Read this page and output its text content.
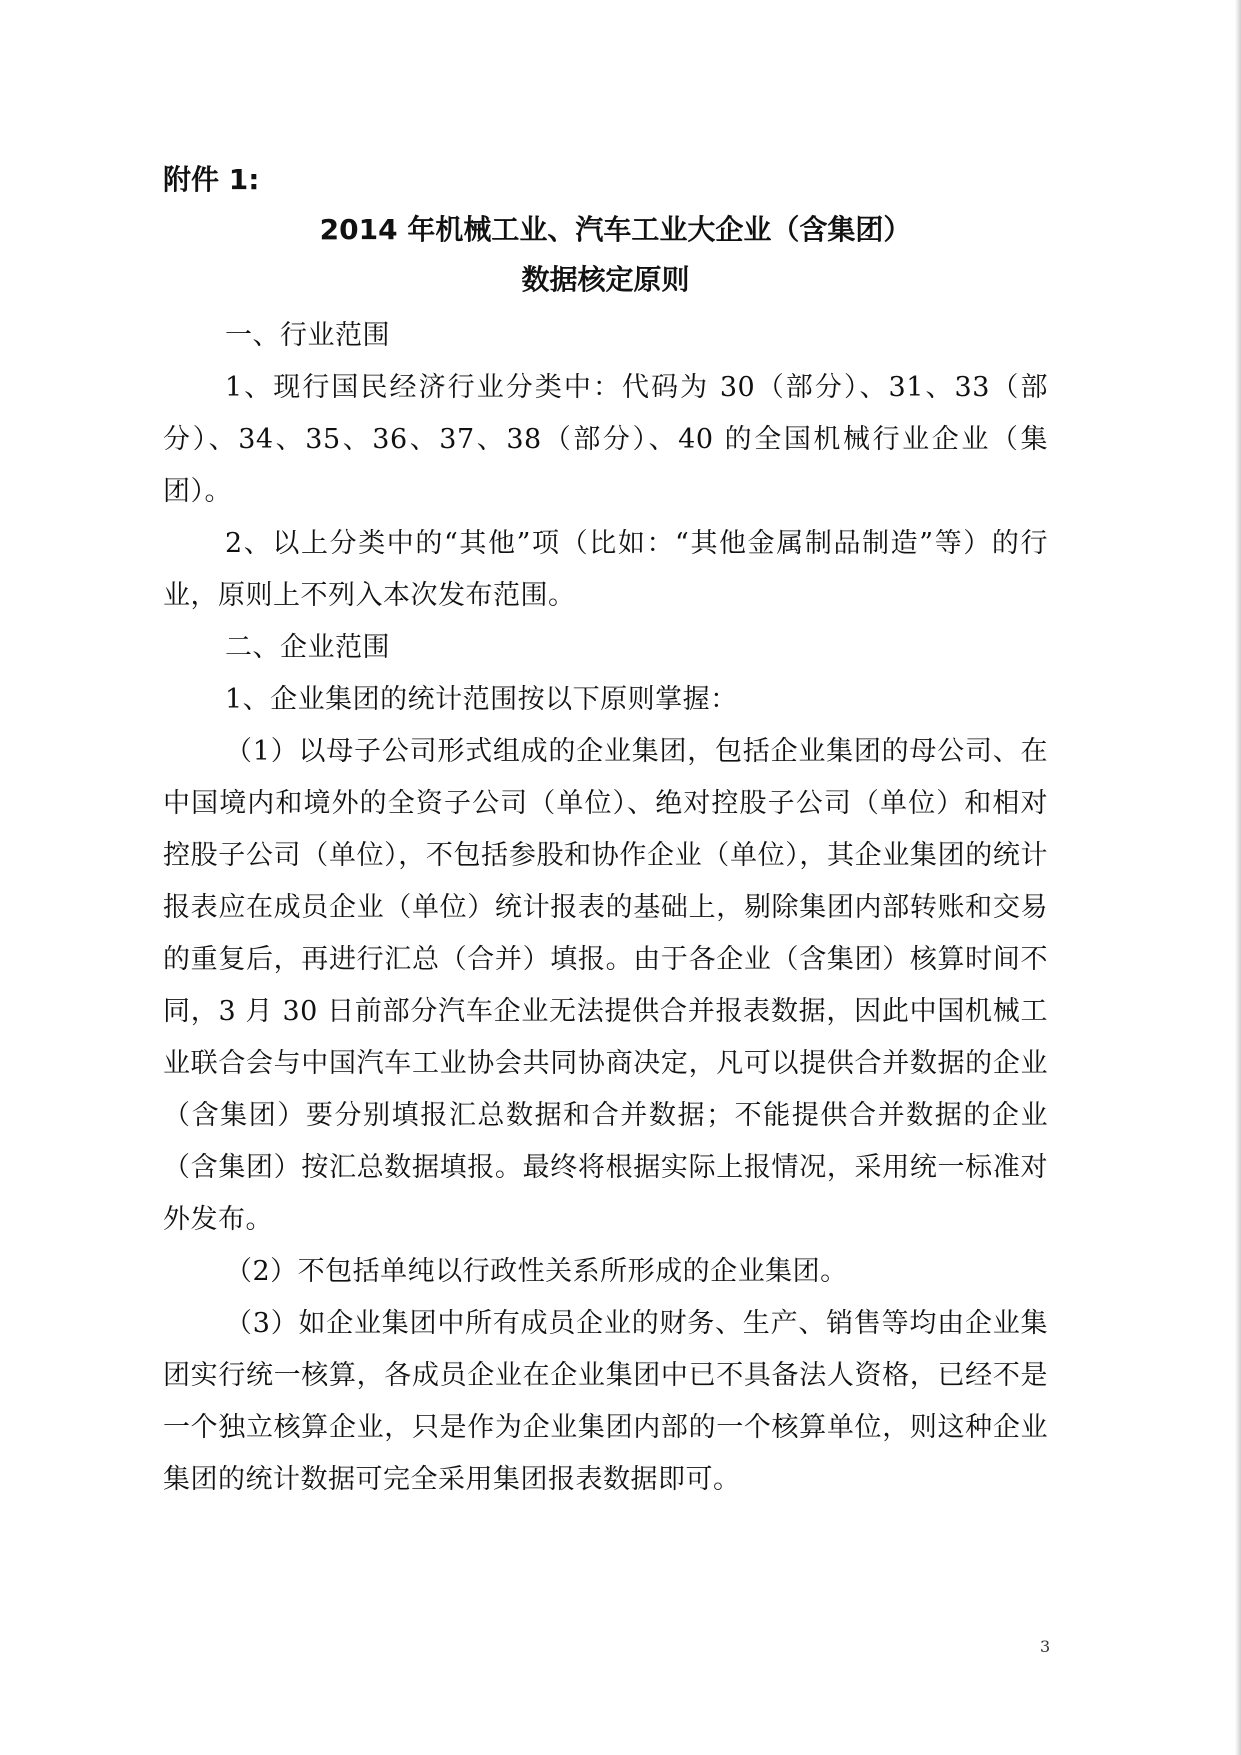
附件 1:
2014 年机械工业、汽车工业大企业（含集团）
数据核定原则

一、行业范围

1、现行国民经济行业分类中：代码为 30（部分）、31、33（部分）、34、35、36、37、38（部分）、40 的全国机械行业企业（集团）。

2、以上分类中的“其他”项（比如：“其他金属制品制造”等）的行业，原则上不列入本次发布范围。

二、企业范围

1、企业集团的统计范围按以下原则掌握：

（1）以母子公司形式组成的企业集团，包括企业集团的母公司、在中国境内和境外的全资子公司（单位）、绝对控股子公司（单位）和相对控股子公司（单位），不包括参股和协作企业（单位），其企业集团的统计报表应在成员企业（单位）统计报表的基础上，剔除集团内部转账和交易的重复后，再进行汇总（合并）填报。由于各企业（含集团）核算时间不同，3 月 30 日前部分汽车企业无法提供合并报表数据，因此中国机械工业联合会与中国汽车工业协会共同协商决定，凡可以提供合并数据的企业（含集团）要分别填报汇总数据和合并数据；不能提供合并数据的企业（含集团）按汇总数据填报。最终将根据实际上报情况，采用统一标准对外发布。

（2）不包括单纯以行政性关系所形成的企业集团。

（3）如企业集团中所有成员企业的财务、生产、销售等均由企业集团实行统一核算，各成员企业在企业集团中已不具备法人资格，已经不是一个独立核算企业，只是作为企业集团内部的一个核算单位，则这种企业集团的统计数据可完全采用集团报表数据即可。

3
